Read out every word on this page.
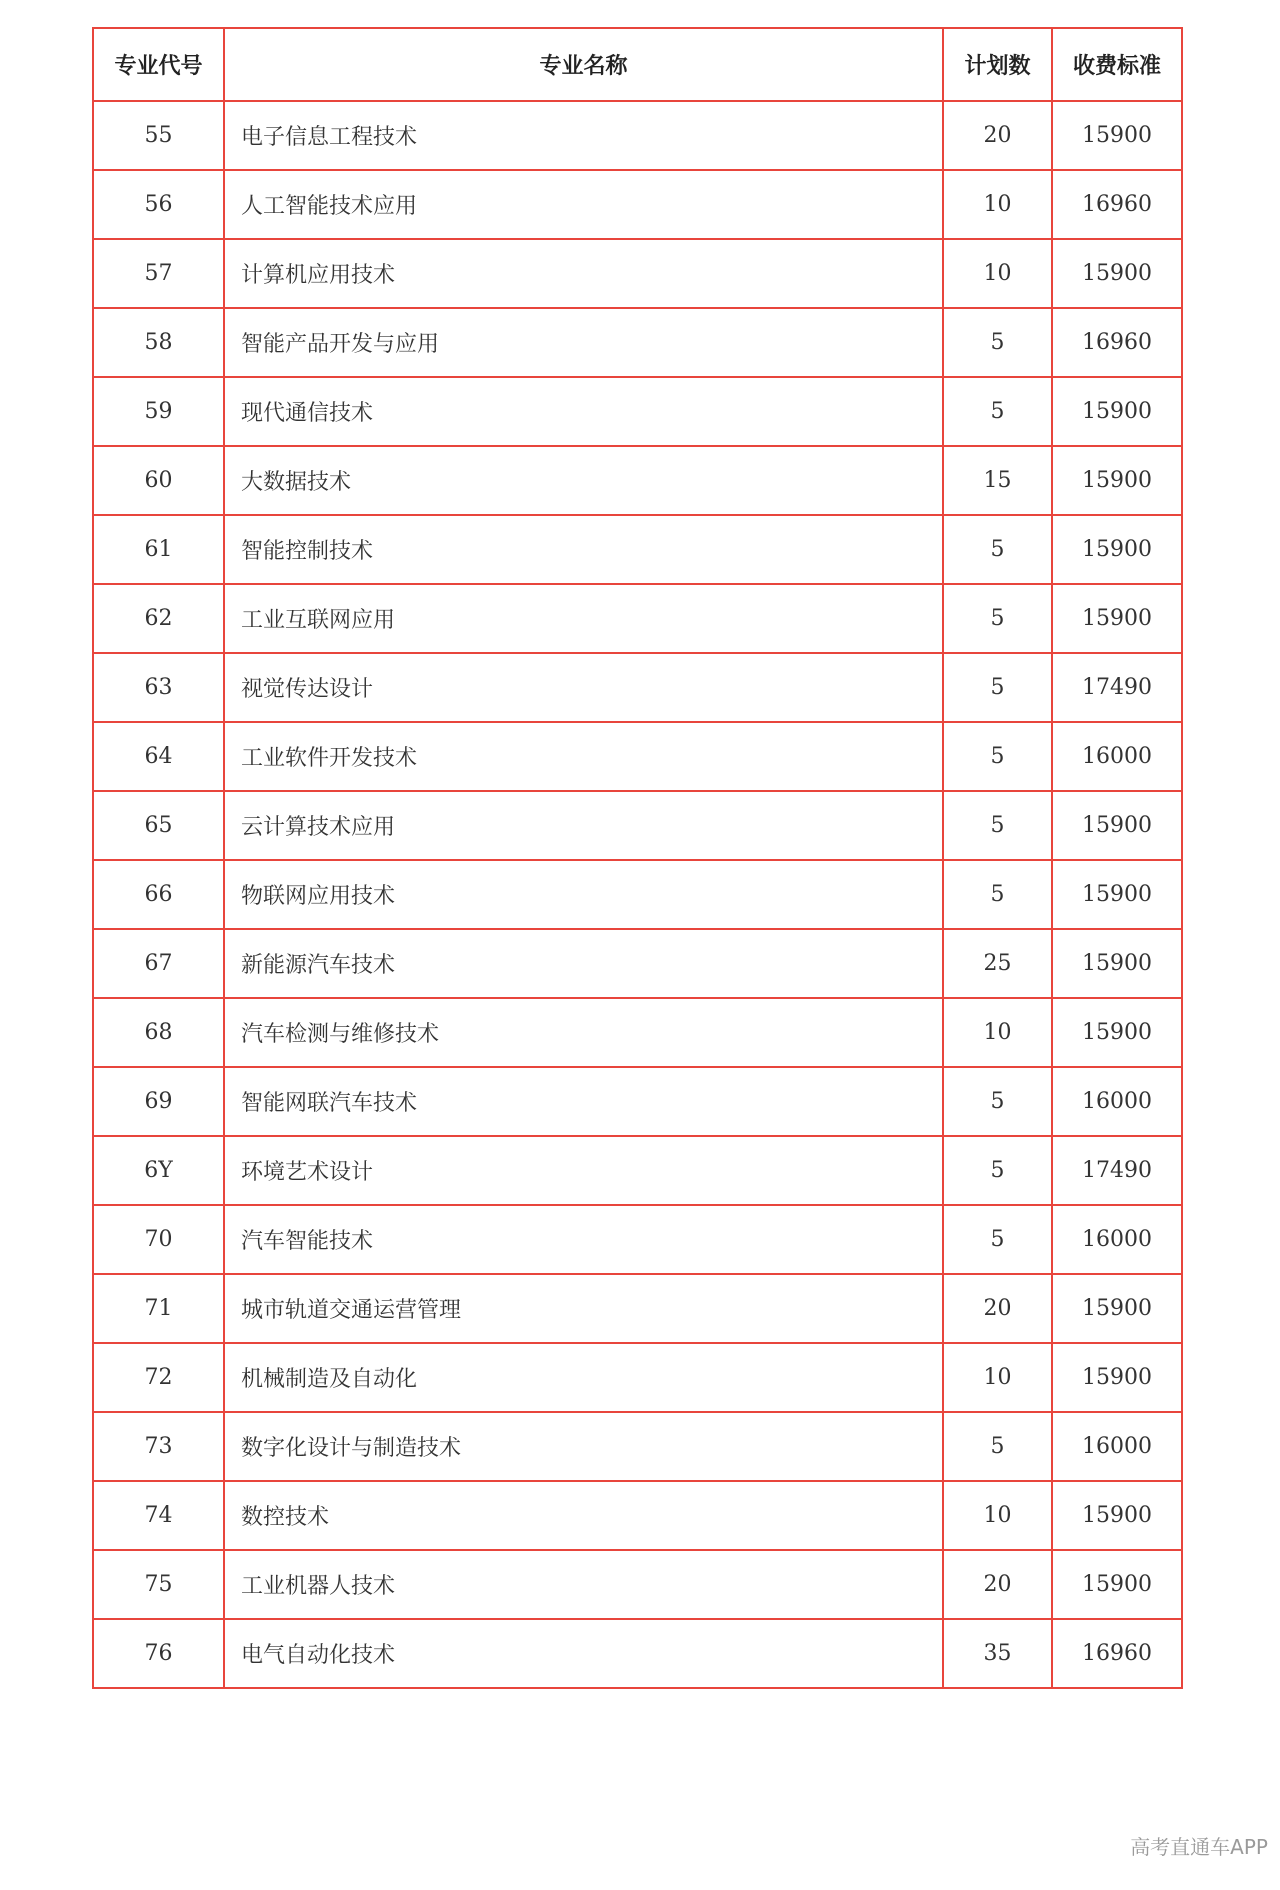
专业代号	专业名称	计划数	收费标准
55	电子信息工程技术	20	15900
56	人工智能技术应用	10	16960
57	计算机应用技术	10	15900
58	智能产品开发与应用	5	16960
59	现代通信技术	5	15900
60	大数据技术	15	15900
61	智能控制技术	5	15900
62	工业互联网应用	5	15900
63	视觉传达设计	5	17490
64	工业软件开发技术	5	16000
65	云计算技术应用	5	15900
66	物联网应用技术	5	15900
67	新能源汽车技术	25	15900
68	汽车检测与维修技术	10	15900
69	智能网联汽车技术	5	16000
6Y	环境艺术设计	5	17490
70	汽车智能技术	5	16000
71	城市轨道交通运营管理	20	15900
72	机械制造及自动化	10	15900
73	数字化设计与制造技术	5	16000
74	数控技术	10	15900
75	工业机器人技术	20	15900
76	电气自动化技术	35	16960
高考直通车APP
